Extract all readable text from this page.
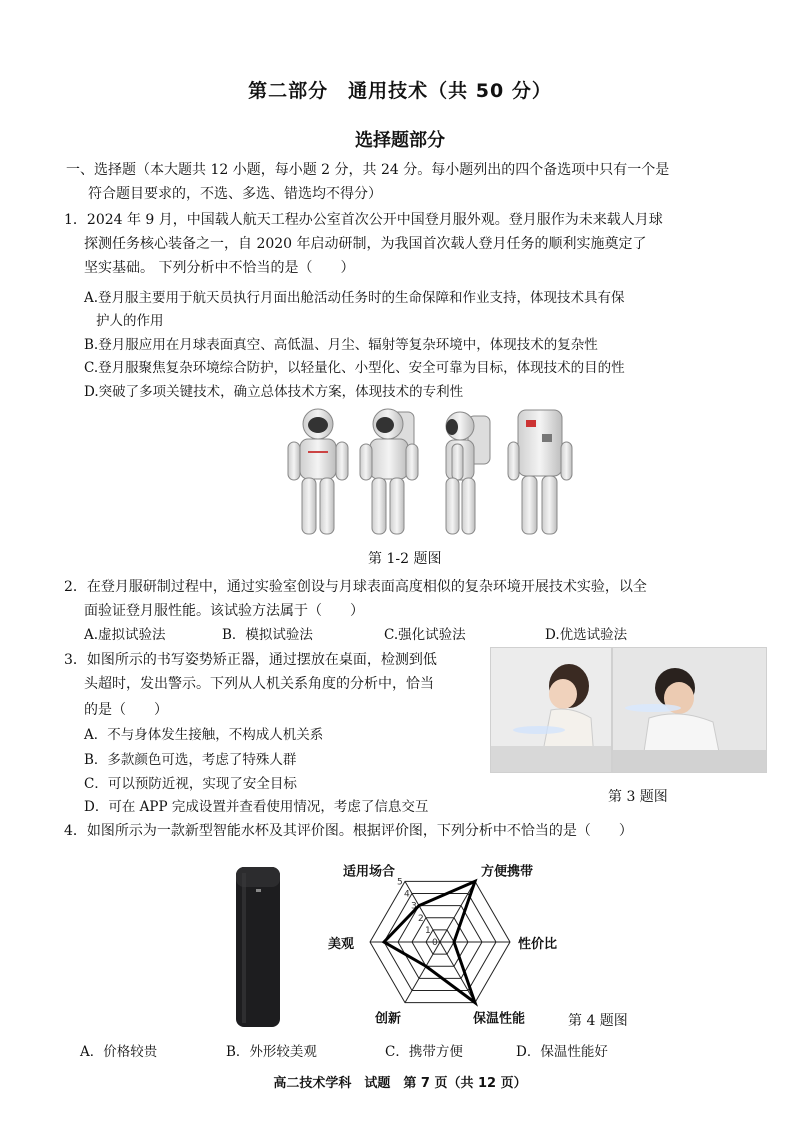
第二部分　通用技术（共 50 分）
选择题部分
一、选择题（本大题共 12 小题，每小题 2 分，共 24 分。每小题列出的四个备选项中只有一个是
符合题目要求的，不选、多选、错选均不得分）
1．2024 年 9 月，中国载人航天工程办公室首次公开中国登月服外观。登月服作为未来载人月球
探测任务核心装备之一，自 2020 年启动研制，为我国首次载人登月任务的顺利实施奠定了
坚实基础。 下列分析中不恰当的是（　　）
A.登月服主要用于航天员执行月面出舱活动任务时的生命保障和作业支持，体现技术具有保
护人的作用
B.登月服应用在月球表面真空、高低温、月尘、辐射等复杂环境中，体现技术的复杂性
C.登月服聚焦复杂环境综合防护，以轻量化、小型化、安全可靠为目标，体现技术的目的性
D.突破了多项关键技术，确立总体技术方案，体现技术的专利性
第 1-2 题图
2．在登月服研制过程中，通过实验室创设与月球表面高度相似的复杂环境开展技术实验，以全
面验证登月服性能。该试验方法属于（　　）
A.虚拟试验法	B．模拟试验法	C.强化试验法	D.优选试验法
3．如图所示的书写姿势矫正器，通过摆放在桌面，检测到低
头超时，发出警示。下列从人机关系角度的分析中，恰当
的是（　　）
A．不与身体发生接触，不构成人机关系
B．多款颜色可选，考虑了特殊人群
C．可以预防近视，实现了安全目标
D．可在 APP 完成设置并查看使用情况，考虑了信息交互
第 3 题图
4．如图所示为一款新型智能水杯及其评价图。根据评价图，下列分析中不恰当的是（　　）
0
1
2
3
4
5
适用场合	方便携带
性价比
保温性能
创新
美观
第 4 题图
A．价格较贵	B．外形较美观	C．携带方便	D．保温性能好
高二技术学科　试题　第 7 页（共 12 页）
